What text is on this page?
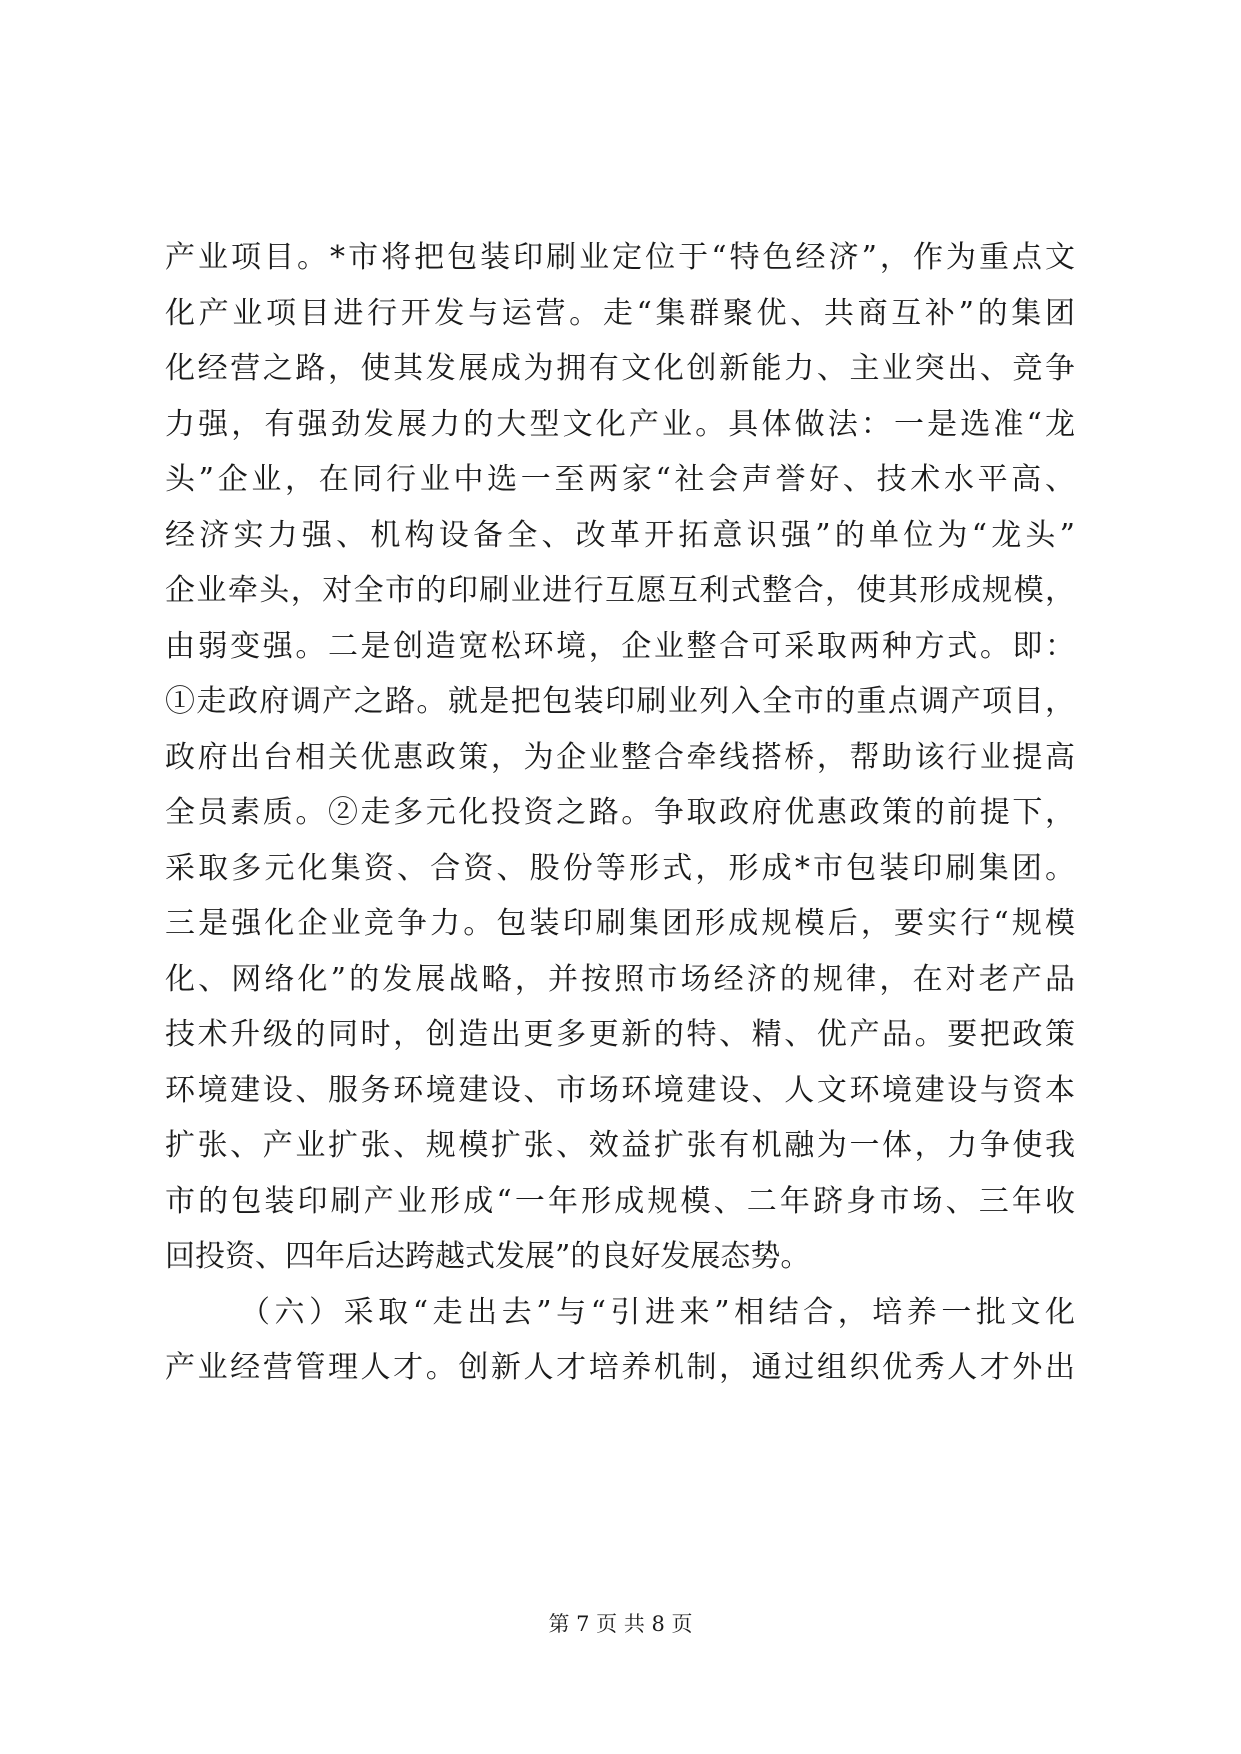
产业项目。*市将把包装印刷业定位于“特色经济”，作为重点文
化产业项目进行开发与运营。走“集群聚优、共商互补”的集团
化经营之路，使其发展成为拥有文化创新能力、主业突出、竞争
力强，有强劲发展力的大型文化产业。具体做法：一是选准“龙
头”企业，在同行业中选一至两家“社会声誉好、技术水平高、
经济实力强、机构设备全、改革开拓意识强”的单位为“龙头”
企业牵头，对全市的印刷业进行互愿互利式整合，使其形成规模，
由弱变强。二是创造宽松环境，企业整合可采取两种方式。即：
①走政府调产之路。就是把包装印刷业列入全市的重点调产项目，
政府出台相关优惠政策，为企业整合牵线搭桥，帮助该行业提高
全员素质。②走多元化投资之路。争取政府优惠政策的前提下，
采取多元化集资、合资、股份等形式，形成*市包装印刷集团。
三是强化企业竞争力。包装印刷集团形成规模后，要实行“规模
化、网络化”的发展战略，并按照市场经济的规律，在对老产品
技术升级的同时，创造出更多更新的特、精、优产品。要把政策
环境建设、服务环境建设、市场环境建设、人文环境建设与资本
扩张、产业扩张、规模扩张、效益扩张有机融为一体，力争使我
市的包装印刷产业形成“一年形成规模、二年跻身市场、三年收
回投资、四年后达跨越式发展”的良好发展态势。
（六）采取“走出去”与“引进来”相结合，培养一批文化
产业经营管理人才。创新人才培养机制，通过组织优秀人才外出
第 7 页 共 8 页
